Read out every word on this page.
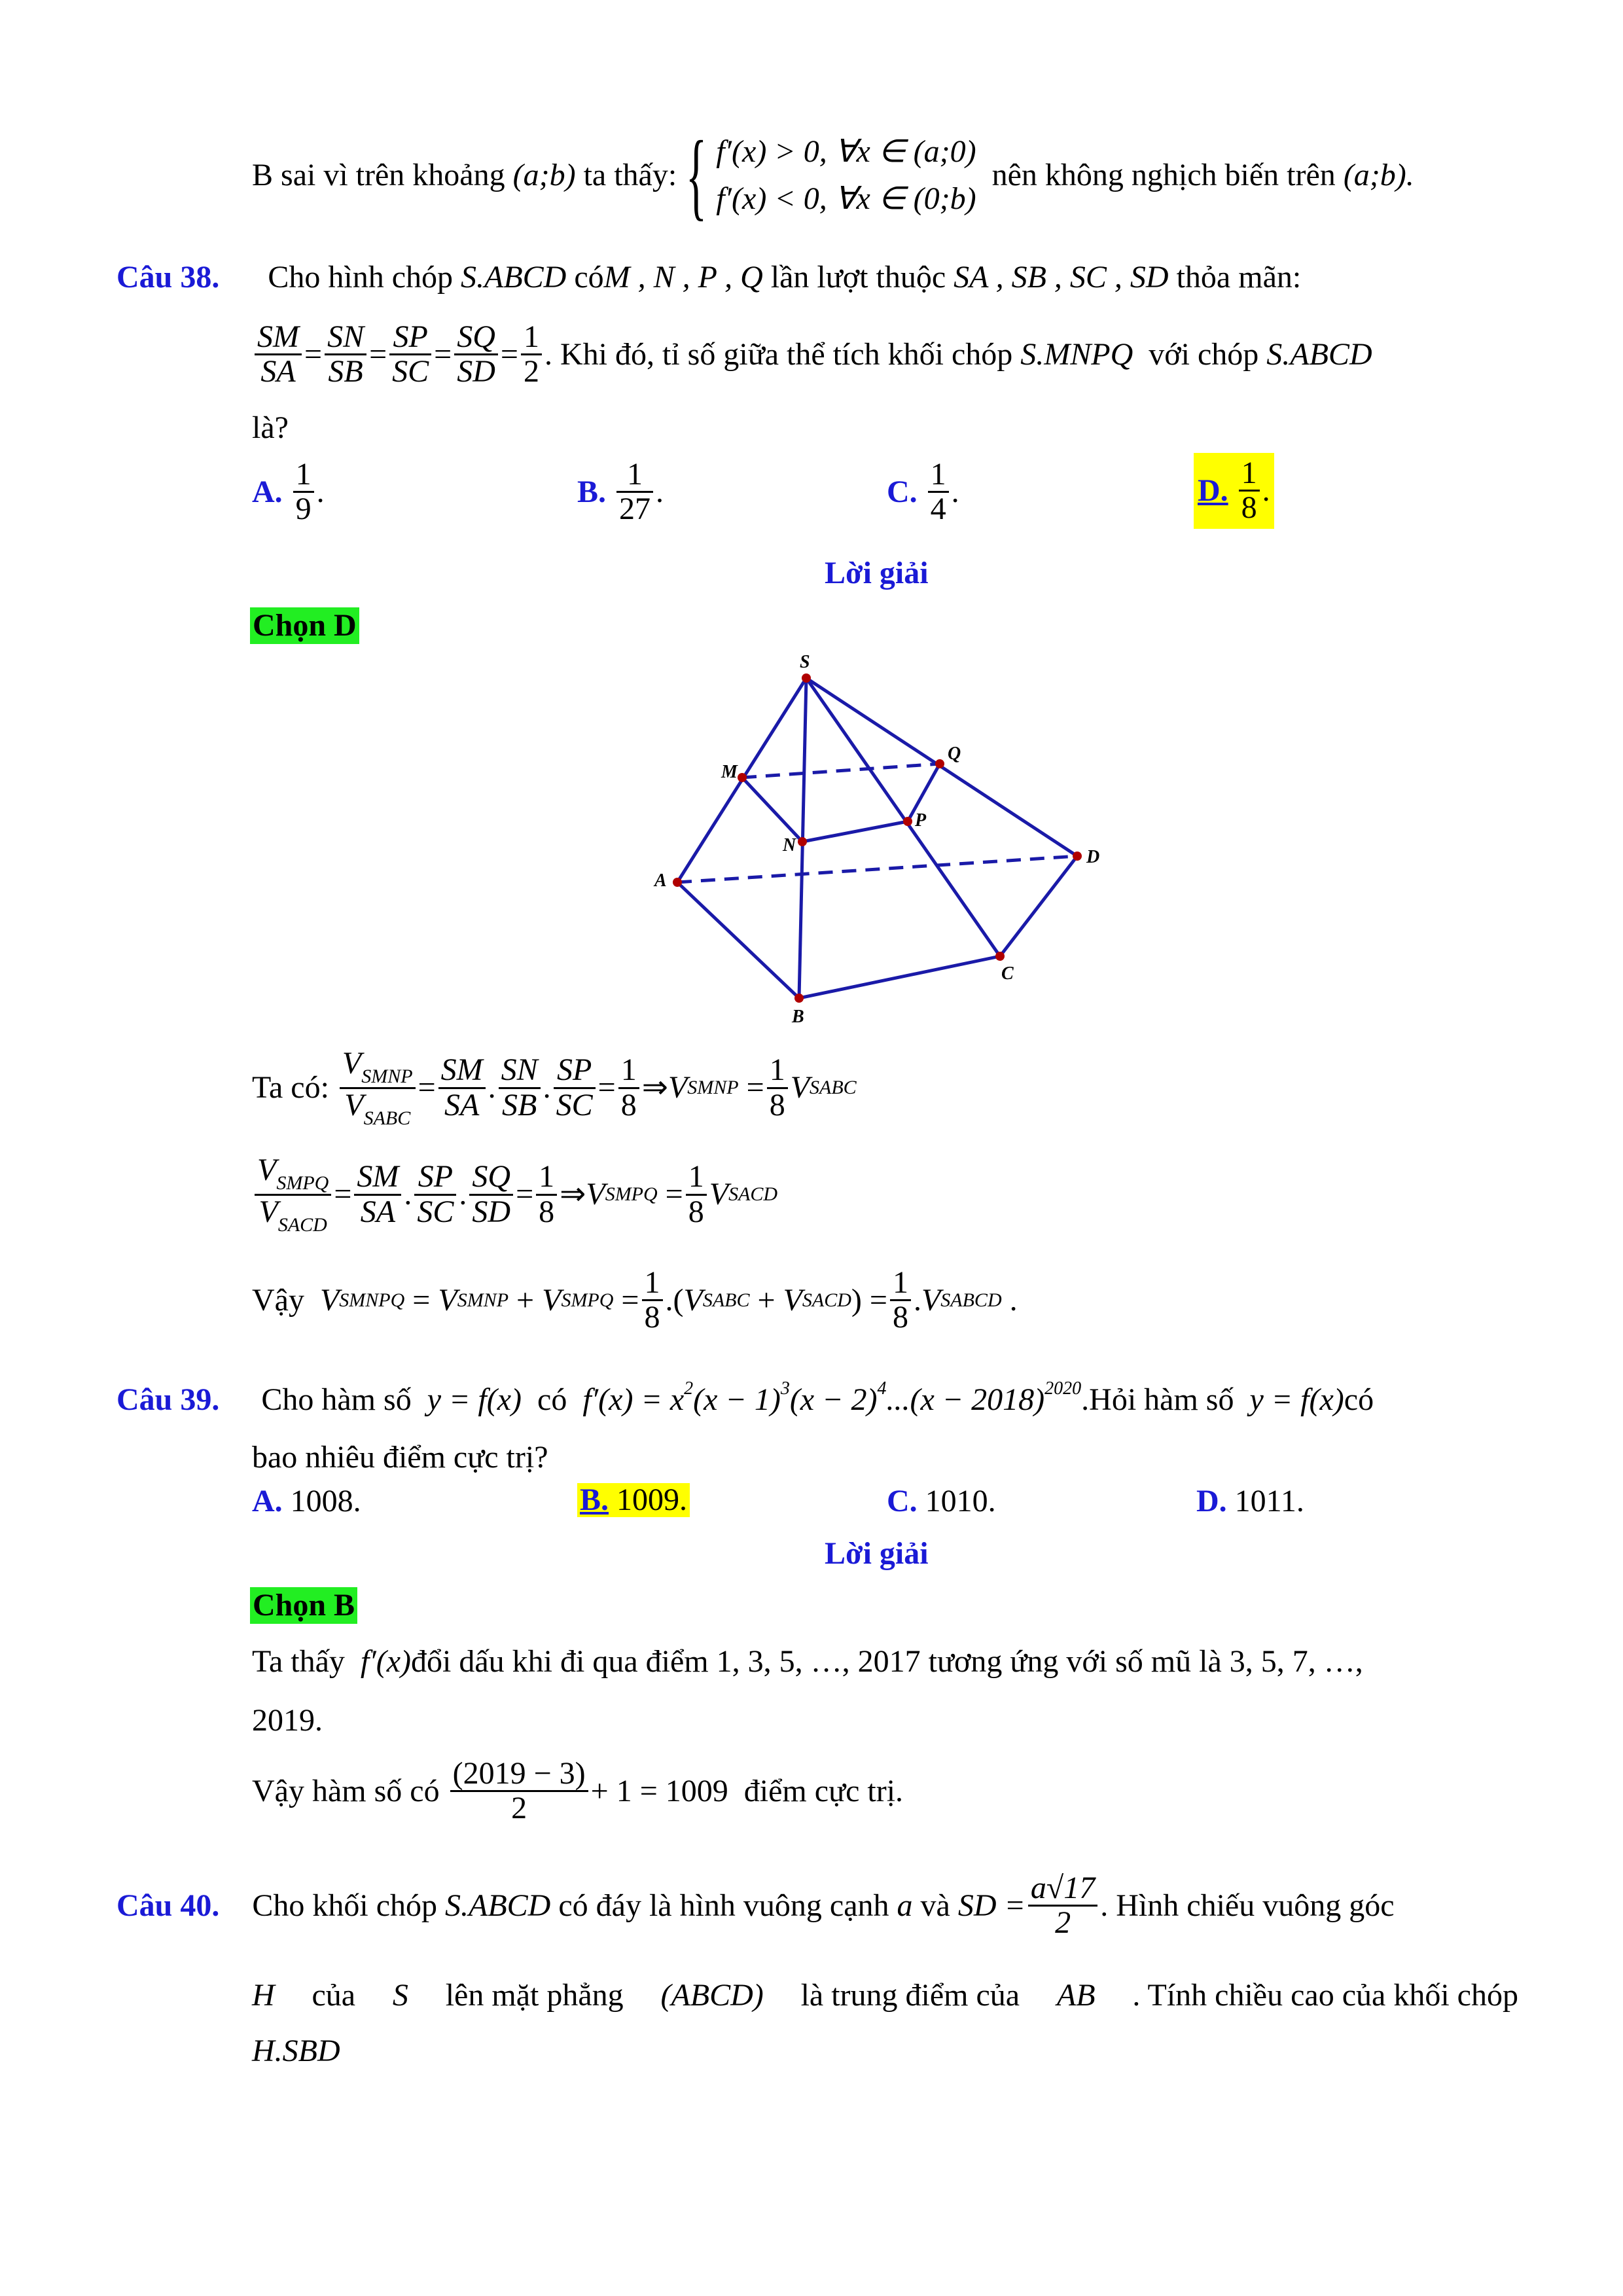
B sai vì trên khoảng
(a;b)
ta thấy: { f′(x) > 0, ∀x ∈ (a;0)
f′(x) < 0, ∀x ∈ (0;b)

nên không nghịch biến trên
(a;b).
Câu 38. Cho hình chóp S.ABCD cóM , N , P , Q lần lượt thuộc SA , SB , SC , SD thỏa mãn:
$\frac{SM}{SA} = \frac{SN}{SB} = \frac{SP}{SC} = \frac{SQ}{SD} = \frac{1}{2}$ . Khi đó, tỉ số giữa thể tích khối chóp
S.MNPQ
với chóp
S.ABCD
là?
A.
$\frac{1}{9}$ .	B.
$\frac{1}{27}$ .	C.
$\frac{1}{4}$ .	D.
$\frac{1}{8}$ .
Lời giải
Chọn D
S
M
Q
N
P
A
D
C
B
Ta có:
$\frac{V_{SMNP}}{V_{SABC}} = \frac{SM}{SA}$ . $\frac{SN}{SB}$ . $\frac{SP}{SC} = \frac{1}{8}$ ⇒ V SMNP = $\frac{1}{8}$ V SABC
$\frac{V_{SMPQ}}{V_{SACD}} = \frac{SM}{SA}$ . $\frac{SP}{SC}$ . $\frac{SQ}{SD} = \frac{1}{8}$ ⇒ V SMPQ = $\frac{1}{8}$ V SACD
Vậy
V SMNPQ = V SMNP + V SMPQ = $\frac{1}{8}$ .( V SABC + V SACD ) = $\frac{1}{8}$ . V SABCD .
Câu 39. Cho hàm số y = f(x) có $f'(x) = x^2(x - 1)^3(x - 2)^4...(x$ − $2018)^{2020}.Hỏi$ hàm số y = f(x)có
bao nhiêu điểm cực trị?
A. 1008.	B. 1009.	C. 1010.	D. 1011.
Lời giải
Chọn B
Ta thấy f′(x)đổi dấu khi đi qua điểm 1, 3, 5, …, 2017 tương ứng với số mũ là 3, 5, 7, …,
2019.
Vậy hàm số có
$\frac{(2019 - 3)}{2} + 1 = 1009$
điểm cực trị.
Câu 40. Cho khối chóp
S.ABCD
có đáy là hình vuông cạnh
a
và
SD = $\frac{a√17}{2}$ . Hình chiếu vuông góc
H của S lên mặt phẳng (ABCD) là trung điểm của AB . Tính chiều cao của khối chóp
H.SBD
